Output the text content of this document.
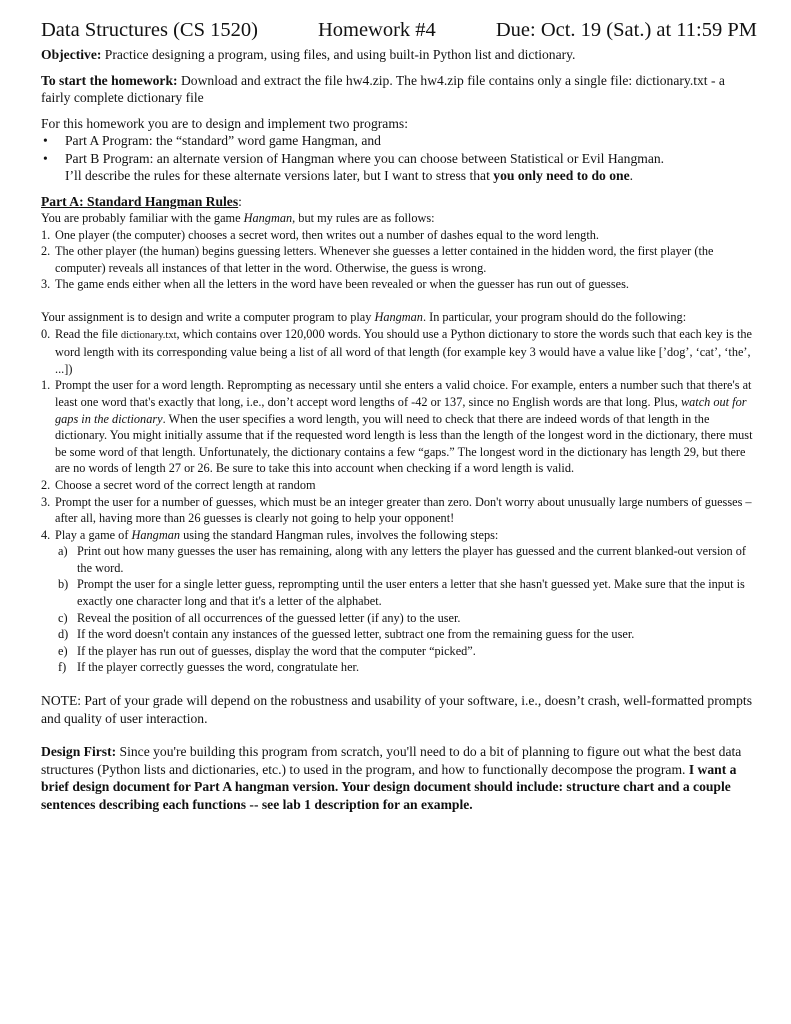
Data Structures (CS 1520)	Homework #4	Due: Oct. 19 (Sat.) at 11:59 PM

Objective: Practice designing a program, using files, and using built-in Python list and dictionary.

To start the homework: Download and extract the file hw4.zip. The hw4.zip file contains only a single file: dictionary.txt - a fairly complete dictionary file

For this homework you are to design and implement two programs:

• Part A Program: the “standard” word game Hangman, and
• Part B Program: an alternate version of Hangman where you can choose between Statistical or Evil Hangman.

I’ll describe the rules for these alternate versions later, but I want to stress that you only need to do one.

Part A: Standard Hangman Rules:

You are probably familiar with the game Hangman, but my rules are as follows:
1. One player (the computer) chooses a secret word, then writes out a number of dashes equal to the word length.
2. The other player (the human) begins guessing letters. Whenever she guesses a letter contained in the hidden word, the first player (the computer) reveals all instances of that letter in the word. Otherwise, the guess is wrong.
3. The game ends either when all the letters in the word have been revealed or when the guesser has run out of guesses.
Your assignment is to design and write a computer program to play Hangman. In particular, your program should do the following:
0. Read the file dictionary.txt, which contains over 120,000 words. You should use a Python dictionary to store the words such that each key is the word length with its corresponding value being a list of all word of that length (for example key 3 would have a value like [’dog’, ‘cat’, ‘the’, ...])
1. Prompt the user for a word length. Reprompting as necessary until she enters a valid choice. For example, enters a number such that there's at least one word that's exactly that long, i.e., don’t accept word lengths of -42 or 137, since no English words are that long. Plus, watch out for gaps in the dictionary. When the user specifies a word length, you will need to check that there are indeed words of that length in the dictionary. You might initially assume that if the requested word length is less than the length of the longest word in the dictionary, there must be some word of that length. Unfortunately, the dictionary contains a few “gaps.” The longest word in the dictionary has length 29, but there are no words of length 27 or 26. Be sure to take this into account when checking if a word length is valid.
2. Choose a secret word of the correct length at random
3. Prompt the user for a number of guesses, which must be an integer greater than zero. Don't worry about unusually large numbers of guesses – after all, having more than 26 guesses is clearly not going to help your opponent!
4. Play a game of Hangman using the standard Hangman rules, involves the following steps:
a) Print out how many guesses the user has remaining, along with any letters the player has guessed and the current blanked-out version of the word.
b) Prompt the user for a single letter guess, reprompting until the user enters a letter that she hasn't guessed yet. Make sure that the input is exactly one character long and that it's a letter of the alphabet.
c) Reveal the position of all occurrences of the guessed letter (if any) to the user.
d) If the word doesn't contain any instances of the guessed letter, subtract one from the remaining guess for the user.
e) If the player has run out of guesses, display the word that the computer “picked”.
f) If the player correctly guesses the word, congratulate her.

NOTE: Part of your grade will depend on the robustness and usability of your software, i.e., doesn’t crash, well-formatted prompts and quality of user interaction.

Design First: Since you're building this program from scratch, you'll need to do a bit of planning to figure out what the best data structures (Python lists and dictionaries, etc.) to used in the program, and how to functionally decompose the program. I want a brief design document for Part A hangman version. Your design document should include: structure chart and a couple sentences describing each functions -- see lab 1 description for an example.
